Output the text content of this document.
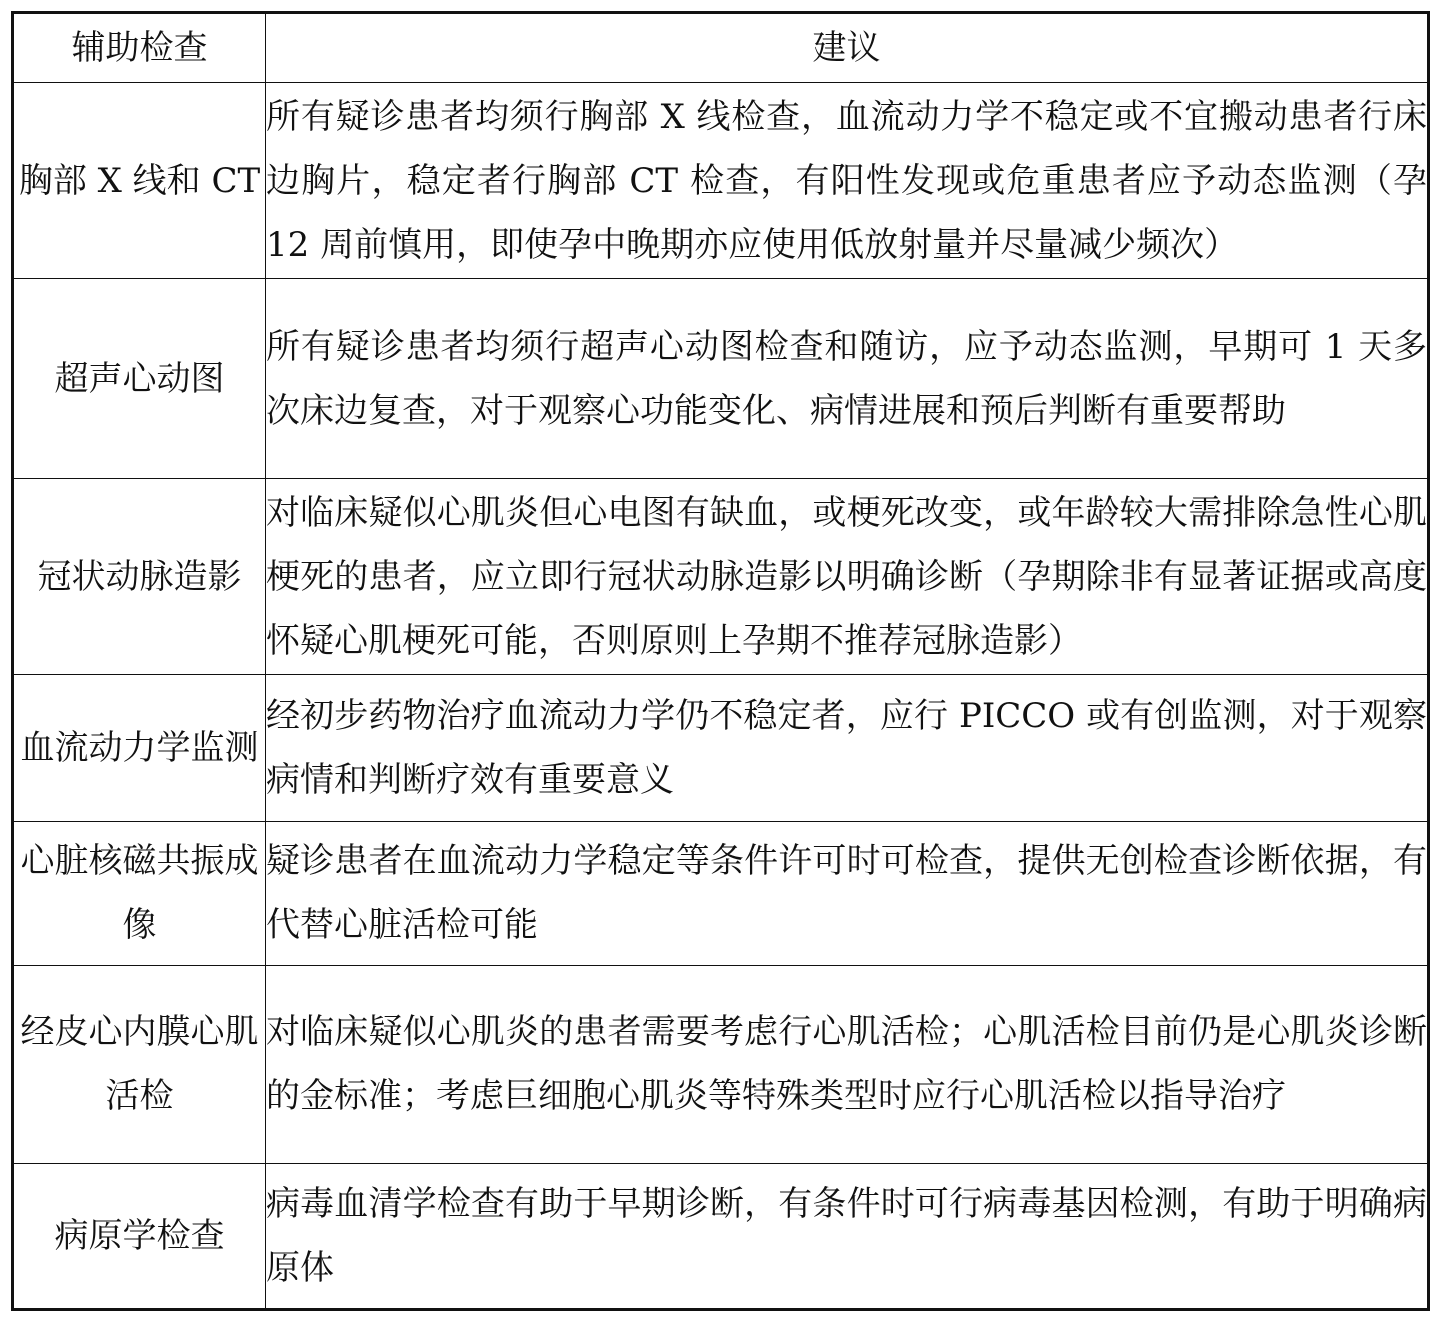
辅助检查	建议
胸部 X 线和 CT	所有疑诊患者均须行胸部 X 线检查，血流动力学不稳定或不宜搬动患者行床边胸片，稳定者行胸部 CT 检查，有阳性发现或危重患者应予动态监测（孕 12 周前慎用，即使孕中晚期亦应使用低放射量并尽量减少频次）
超声心动图	所有疑诊患者均须行超声心动图检查和随访，应予动态监测，早期可 1 天多次床边复查，对于观察心功能变化、病情进展和预后判断有重要帮助
冠状动脉造影	对临床疑似心肌炎但心电图有缺血，或梗死改变，或年龄较大需排除急性心肌梗死的患者，应立即行冠状动脉造影以明确诊断（孕期除非有显著证据或高度怀疑心肌梗死可能，否则原则上孕期不推荐冠脉造影）
血流动力学监测	经初步药物治疗血流动力学仍不稳定者，应行 PICCO 或有创监测，对于观察病情和判断疗效有重要意义
心脏核磁共振成像	疑诊患者在血流动力学稳定等条件许可时可检查，提供无创检查诊断依据，有代替心脏活检可能
经皮心内膜心肌活检	对临床疑似心肌炎的患者需要考虑行心肌活检；心肌活检目前仍是心肌炎诊断的金标准；考虑巨细胞心肌炎等特殊类型时应行心肌活检以指导治疗
病原学检查	病毒血清学检查有助于早期诊断，有条件时可行病毒基因检测，有助于明确病原体
